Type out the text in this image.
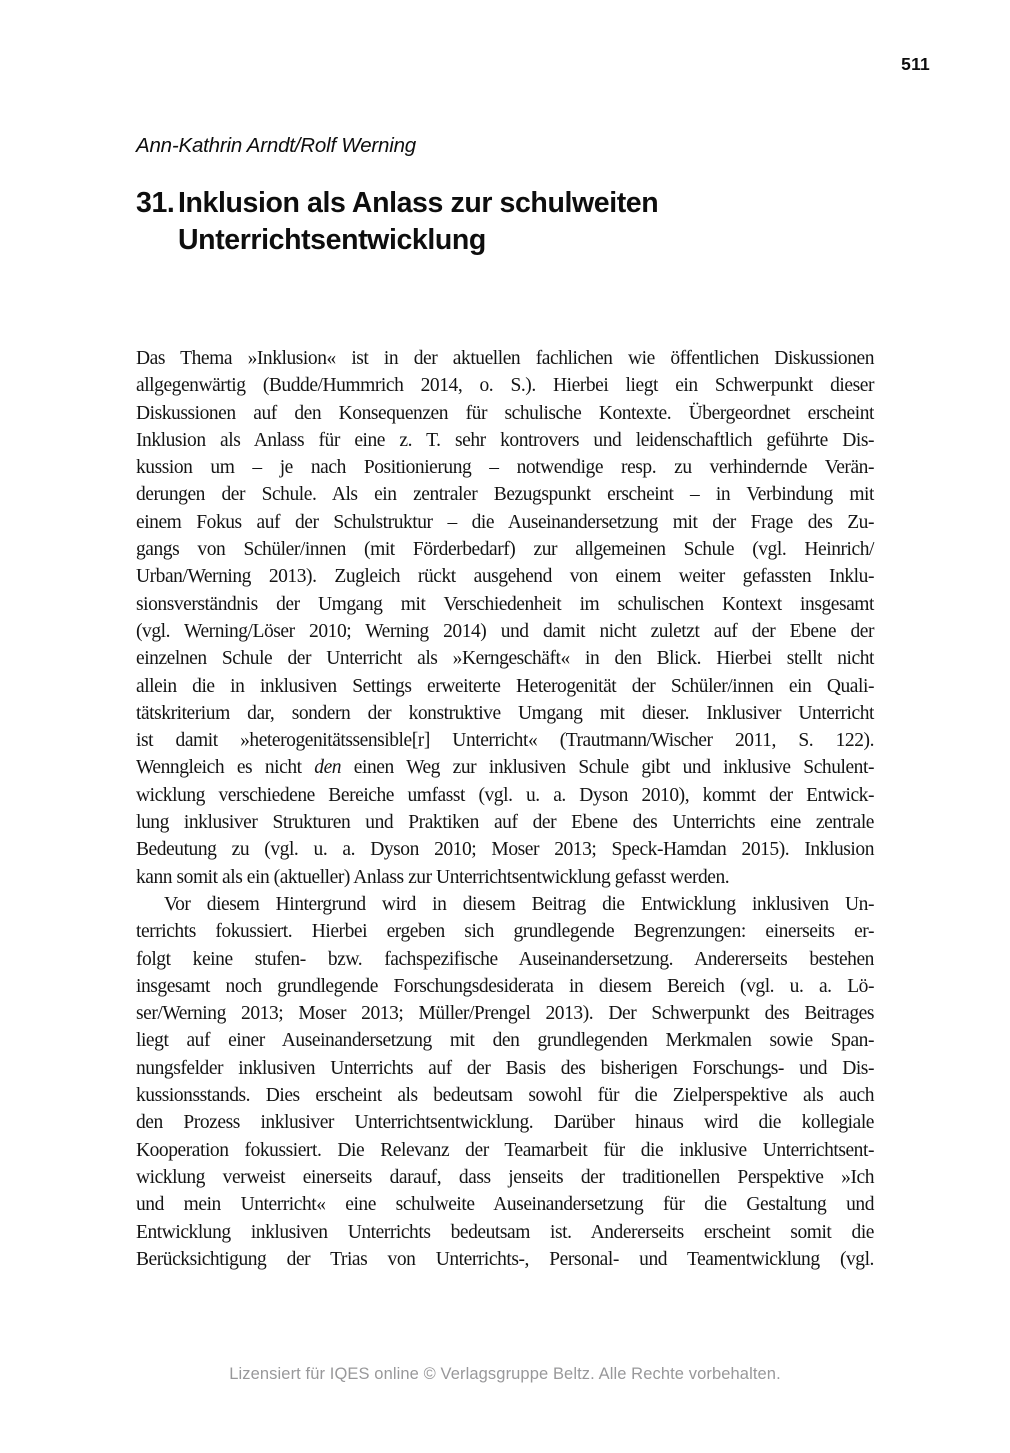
511
Ann-Kathrin Arndt/Rolf Werning
31. Inklusion als Anlass zur schulweiten
Unterrichtsentwicklung
Das Thema »Inklusion« ist in der aktuellen fachlichen wie öffentlichen Diskussionen
allgegenwärtig (Budde/Hummrich 2014, o. S.). Hierbei liegt ein Schwerpunkt dieser
Diskussionen auf den Konsequenzen für schulische Kontexte. Übergeordnet erscheint
Inklusion als Anlass für eine z. T. sehr kontrovers und leidenschaftlich geführte Dis-
kussion um – je nach Positionierung – notwendige resp. zu verhindernde Verän-
derungen der Schule. Als ein zentraler Bezugspunkt erscheint – in Verbindung mit
einem Fokus auf der Schulstruktur – die Auseinandersetzung mit der Frage des Zu-
gangs von Schüler/innen (mit Förderbedarf) zur allgemeinen Schule (vgl. Heinrich/
Urban/Werning 2013). Zugleich rückt ausgehend von einem weiter gefassten Inklu-
sionsverständnis der Umgang mit Verschiedenheit im schulischen Kontext insgesamt
(vgl. Werning/Löser 2010; Werning 2014) und damit nicht zuletzt auf der Ebene der
einzelnen Schule der Unterricht als »Kerngeschäft« in den Blick. Hierbei stellt nicht
allein die in inklusiven Settings erweiterte Heterogenität der Schüler/innen ein Quali-
tätskriterium dar, sondern der konstruktive Umgang mit dieser. Inklusiver Unterricht
ist damit »heterogenitätssensible[r] Unterricht« (Trautmann/Wischer 2011, S. 122).
Wenngleich es nicht den einen Weg zur inklusiven Schule gibt und inklusive Schulent-
wicklung verschiedene Bereiche umfasst (vgl. u. a. Dyson 2010), kommt der Entwick-
lung inklusiver Strukturen und Praktiken auf der Ebene des Unterrichts eine zentrale
Bedeutung zu (vgl. u. a. Dyson 2010; Moser 2013; Speck-Hamdan 2015). Inklusion
kann somit als ein (aktueller) Anlass zur Unterrichtsentwicklung gefasst werden.
Vor diesem Hintergrund wird in diesem Beitrag die Entwicklung inklusiven Un-
terrichts fokussiert. Hierbei ergeben sich grundlegende Begrenzungen: einerseits er-
folgt keine stufen- bzw. fachspezifische Auseinandersetzung. Andererseits bestehen
insgesamt noch grundlegende Forschungsdesiderata in diesem Bereich (vgl. u. a. Lö-
ser/Werning 2013; Moser 2013; Müller/Prengel 2013). Der Schwerpunkt des Beitrages
liegt auf einer Auseinandersetzung mit den grundlegenden Merkmalen sowie Span-
nungsfelder inklusiven Unterrichts auf der Basis des bisherigen Forschungs- und Dis-
kussionsstands. Dies erscheint als bedeutsam sowohl für die Zielperspektive als auch
den Prozess inklusiver Unterrichtsentwicklung. Darüber hinaus wird die kollegiale
Kooperation fokussiert. Die Relevanz der Teamarbeit für die inklusive Unterrichtsent-
wicklung verweist einerseits darauf, dass jenseits der traditionellen Perspektive »Ich
und mein Unterricht« eine schulweite Auseinandersetzung für die Gestaltung und
Entwicklung inklusiven Unterrichts bedeutsam ist. Andererseits erscheint somit die
Berücksichtigung der Trias von Unterrichts-, Personal- und Teamentwicklung (vgl.
Lizensiert für IQES online © Verlagsgruppe Beltz. Alle Rechte vorbehalten.
